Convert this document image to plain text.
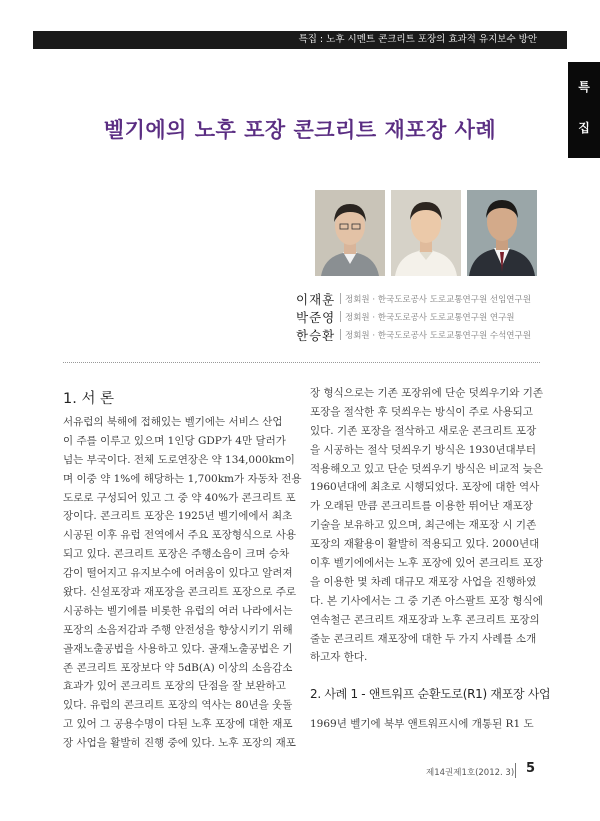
특집 : 노후 시멘트 콘크리트 포장의 효과적 유지보수 방안
특
집
벨기에의 노후 포장 콘크리트 재포장 사례
이재훈 정회원 · 한국도로공사 도로교통연구원 선임연구원
박준영 정회원 · 한국도로공사 도로교통연구원 연구원
한승환 정회원 · 한국도로공사 도로교통연구원 수석연구원
1. 서 론

서유럽의 북해에 접해있는 벨기에는 서비스 산업

이 주를 이루고 있으며 1인당 GDP가 4만 달러가

넘는 부국이다. 전체 도로연장은 약 134,000km이

며 이중 약 1%에 해당하는 1,700km가 자동차 전용

도로로 구성되어 있고 그 중 약 40%가 콘크리트 포

장이다. 콘크리트 포장은 1925년 벨기에에서 최초

시공된 이후 유럽 전역에서 주요 포장형식으로 사용

되고 있다. 콘크리트 포장은 주행소음이 크며 승차

감이 떨어지고 유지보수에 어려움이 있다고 알려져

왔다. 신설포장과 재포장을 콘크리트 포장으로 주로

시공하는 벨기에를 비롯한 유럽의 여러 나라에서는

포장의 소음저감과 주행 안전성을 향상시키기 위해

골재노출공법을 사용하고 있다. 골재노출공법은 기

존 콘크리트 포장보다 약 5dB(A) 이상의 소음감소

효과가 있어 콘크리트 포장의 단점을 잘 보완하고

있다. 유럽의 콘크리트 포장의 역사는 80년을 웃돌

고 있어 그 공용수명이 다된 노후 포장에 대한 재포

장 사업을 활발히 진행 중에 있다. 노후 포장의 재포

장 형식으로는 기존 포장위에 단순 덧씌우기와 기존

포장을 절삭한 후 덧씌우는 방식이 주로 사용되고

있다. 기존 포장을 절삭하고 새로운 콘크리트 포장

을 시공하는 절삭 덧씌우기 방식은 1930년대부터

적용해오고 있고 단순 덧씌우기 방식은 비교적 늦은

1960년대에 최초로 시행되었다. 포장에 대한 역사

가 오래된 만큼 콘크리트를 이용한 뛰어난 재포장

기술을 보유하고 있으며, 최근에는 재포장 시 기존

포장의 재활용이 활발히 적용되고 있다. 2000년대

이후 벨기에에서는 노후 포장에 있어 콘크리트 포장

을 이용한 몇 차례 대규모 재포장 사업을 진행하였

다. 본 기사에서는 그 중 기존 아스팔트 포장 형식에

연속철근 콘크리트 재포장과 노후 콘크리트 포장의

줄눈 콘크리트 재포장에 대한 두 가지 사례를 소개

하고자 한다.

2. 사례 1 - 앤트워프 순환도로(R1) 재포장 사업

1969년 벨기에 북부 앤트워프시에 개통된 R1 도

제14권제1호(2012. 3) 5
